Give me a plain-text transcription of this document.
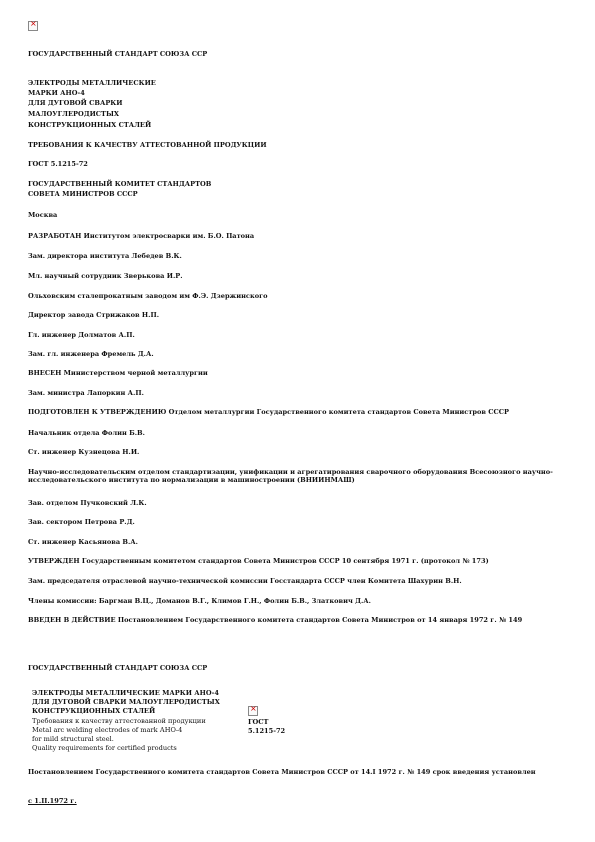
×
ГОСУДАРСТВЕННЫЙ СТАНДАРТ СОЮЗА ССР
ЭЛЕКТРОДЫ МЕТАЛЛИЧЕСКИЕ
МАРКИ АНО-4
ДЛЯ ДУГОВОЙ СВАРКИ
МАЛОУГЛЕРОДИСТЫХ
КОНСТРУКЦИОННЫХ СТАЛЕЙ
ТРЕБОВАНИЯ К КАЧЕСТВУ АТТЕСТОВАННОЙ ПРОДУКЦИИ
ГОСТ 5.1215-72
ГОСУДАРСТВЕННЫЙ КОМИТЕТ СТАНДАРТОВ
СОВЕТА МИНИСТРОВ СССР
Москва
РАЗРАБОТАН Институтом электросварки им. Б.О. Патона
Зам. директора института Лебедев В.К.
Мл. научный сотрудник Зверькова И.Р.
Ольховским сталепрокатным заводом им Ф.Э. Дзержинского
Директор завода Стрижаков Н.П.
Гл. инженер Долматов А.П.
Зам. гл. инженера Фремель Д.А.
ВНЕСЕН Министерством черной металлургии
Зам. министра Лапоркин А.П.
ПОДГОТОВЛЕН К УТВЕРЖДЕНИЮ Отделом металлургии Государственного комитета стандартов Совета Министров СССР
Начальник отдела Фолин Б.В.
Ст. инженер Кузнецова Н.И.
Научно-исследовательским отделом стандартизации, унификации и агрегатирования сварочного оборудования Всесоюзного научно-исследовательского института по нормализации в машиностроении (ВНИИНМАШ)
Зав. отделом Пучковский Л.К.
Зав. сектором Петрова Р.Д.
Ст. инженер Касьянова В.А.
УТВЕРЖДЕН Государственным комитетом стандартов Совета Министров СССР 10 сентября 1971 г. (протокол № 173)
Зам. председателя отраслевой научно-технической комиссии Госстандарта СССР член Комитета Шахурин В.Н.
Члены комиссии: Баргман В.Ц., Доманов В.Г., Климов Г.Н., Фолин Б.В., Златкович Д.А.
ВВЕДЕН В ДЕЙСТВИЕ Постановлением Государственного комитета стандартов Совета Министров от 14 января 1972 г. № 149
ГОСУДАРСТВЕННЫЙ СТАНДАРТ СОЮЗА ССР
ЭЛЕКТРОДЫ МЕТАЛЛИЧЕСКИЕ МАРКИ АНО-4
ДЛЯ ДУГОВОЙ СВАРКИ МАЛОУГЛЕРОДИСТЫХ
КОНСТРУКЦИОННЫХ СТАЛЕЙ
Требования к качеству аттестованной продукции
Metal arc welding electrodes of mark АНО-4
for mild structural steel.
Quality requirements for certified products
×
ГОСТ
5.1215-72
Постановлением Государственного комитета стандартов Совета Министров СССР от 14.I 1972 г. № 149 срок введения установлен
с 1.II.1972 г.
